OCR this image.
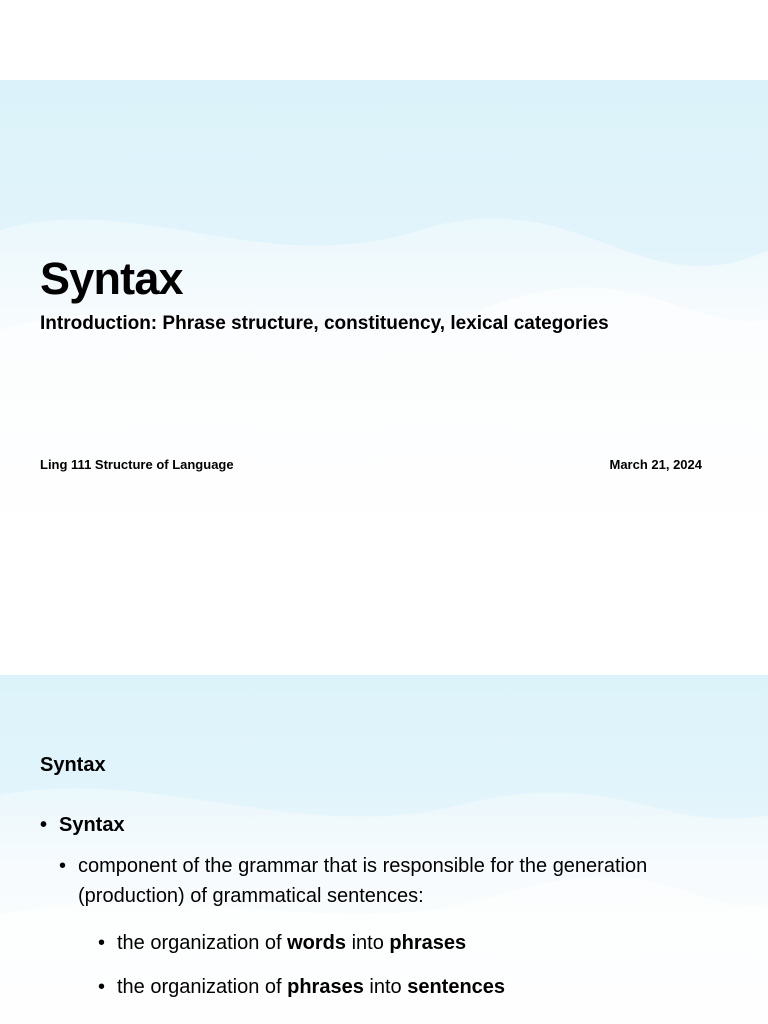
Syntax
Introduction: Phrase structure, constituency, lexical categories
Ling 111 Structure of Language	March 21, 2024
Syntax
• Syntax
• component of the grammar that is responsible for the generation
(production) of grammatical sentences:
• the organization of words into phrases
• the organization of phrases into sentences
